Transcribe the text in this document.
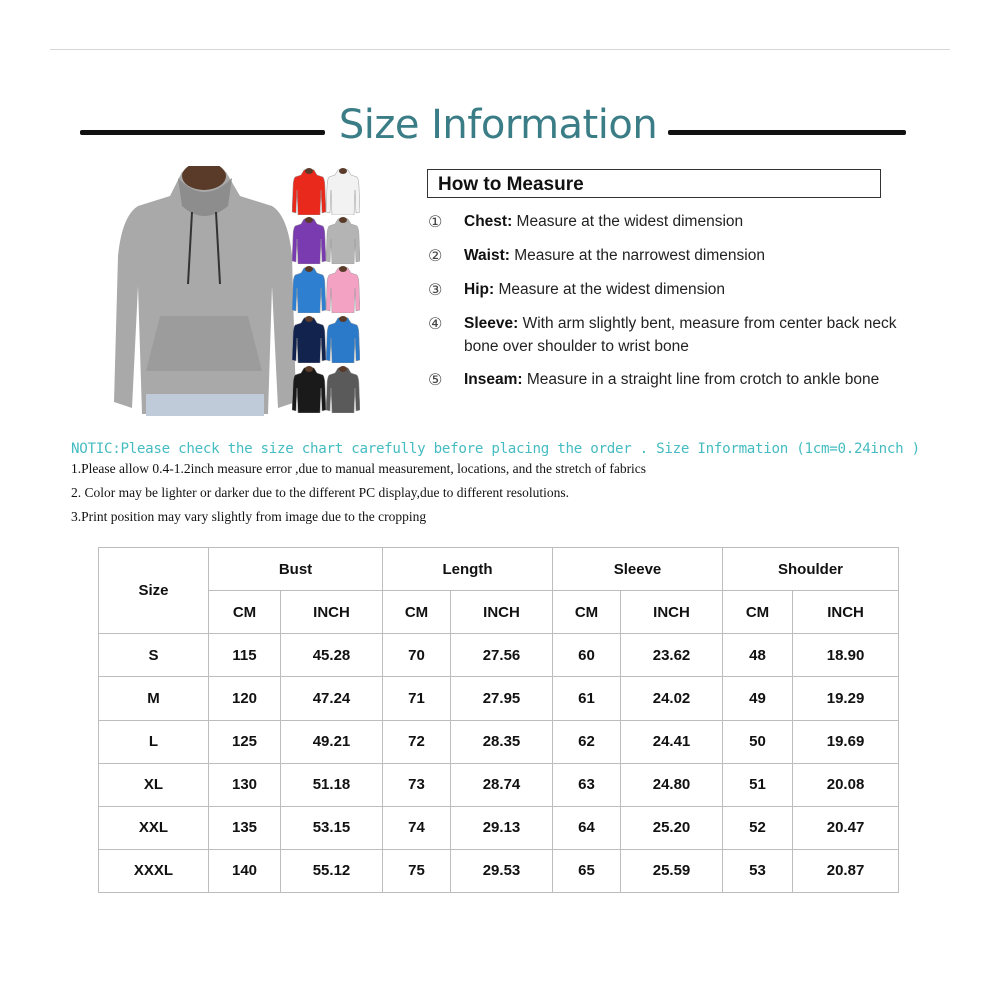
Size Information
How to Measure
① Chest: Measure at the widest dimension
② Waist: Measure at the narrowest dimension
③ Hip: Measure at the widest dimension
④ Sleeve: With arm slightly bent, measure from center back neck bone over shoulder to wrist bone
⑤ Inseam: Measure in a straight line from crotch to ankle bone
NOTIC:Please check the size chart carefully before placing the order . Size Information (1cm=0.24inch )
1.Please allow 0.4-1.2inch measure error ,due to manual measurement, locations, and the stretch of fabrics
2. Color may be lighter or darker due to the different PC display,due to different resolutions.
3.Print position may vary slightly from image due to the cropping
Size	Bust		Length		Sleeve		Shoulder	
	CM	INCH	CM	INCH	CM	INCH	CM	INCH
S	115	45.28	70	27.56	60	23.62	48	18.90
M	120	47.24	71	27.95	61	24.02	49	19.29
L	125	49.21	72	28.35	62	24.41	50	19.69
XL	130	51.18	73	28.74	63	24.80	51	20.08
XXL	135	53.15	74	29.13	64	25.20	52	20.47
XXXL	140	55.12	75	29.53	65	25.59	53	20.87
